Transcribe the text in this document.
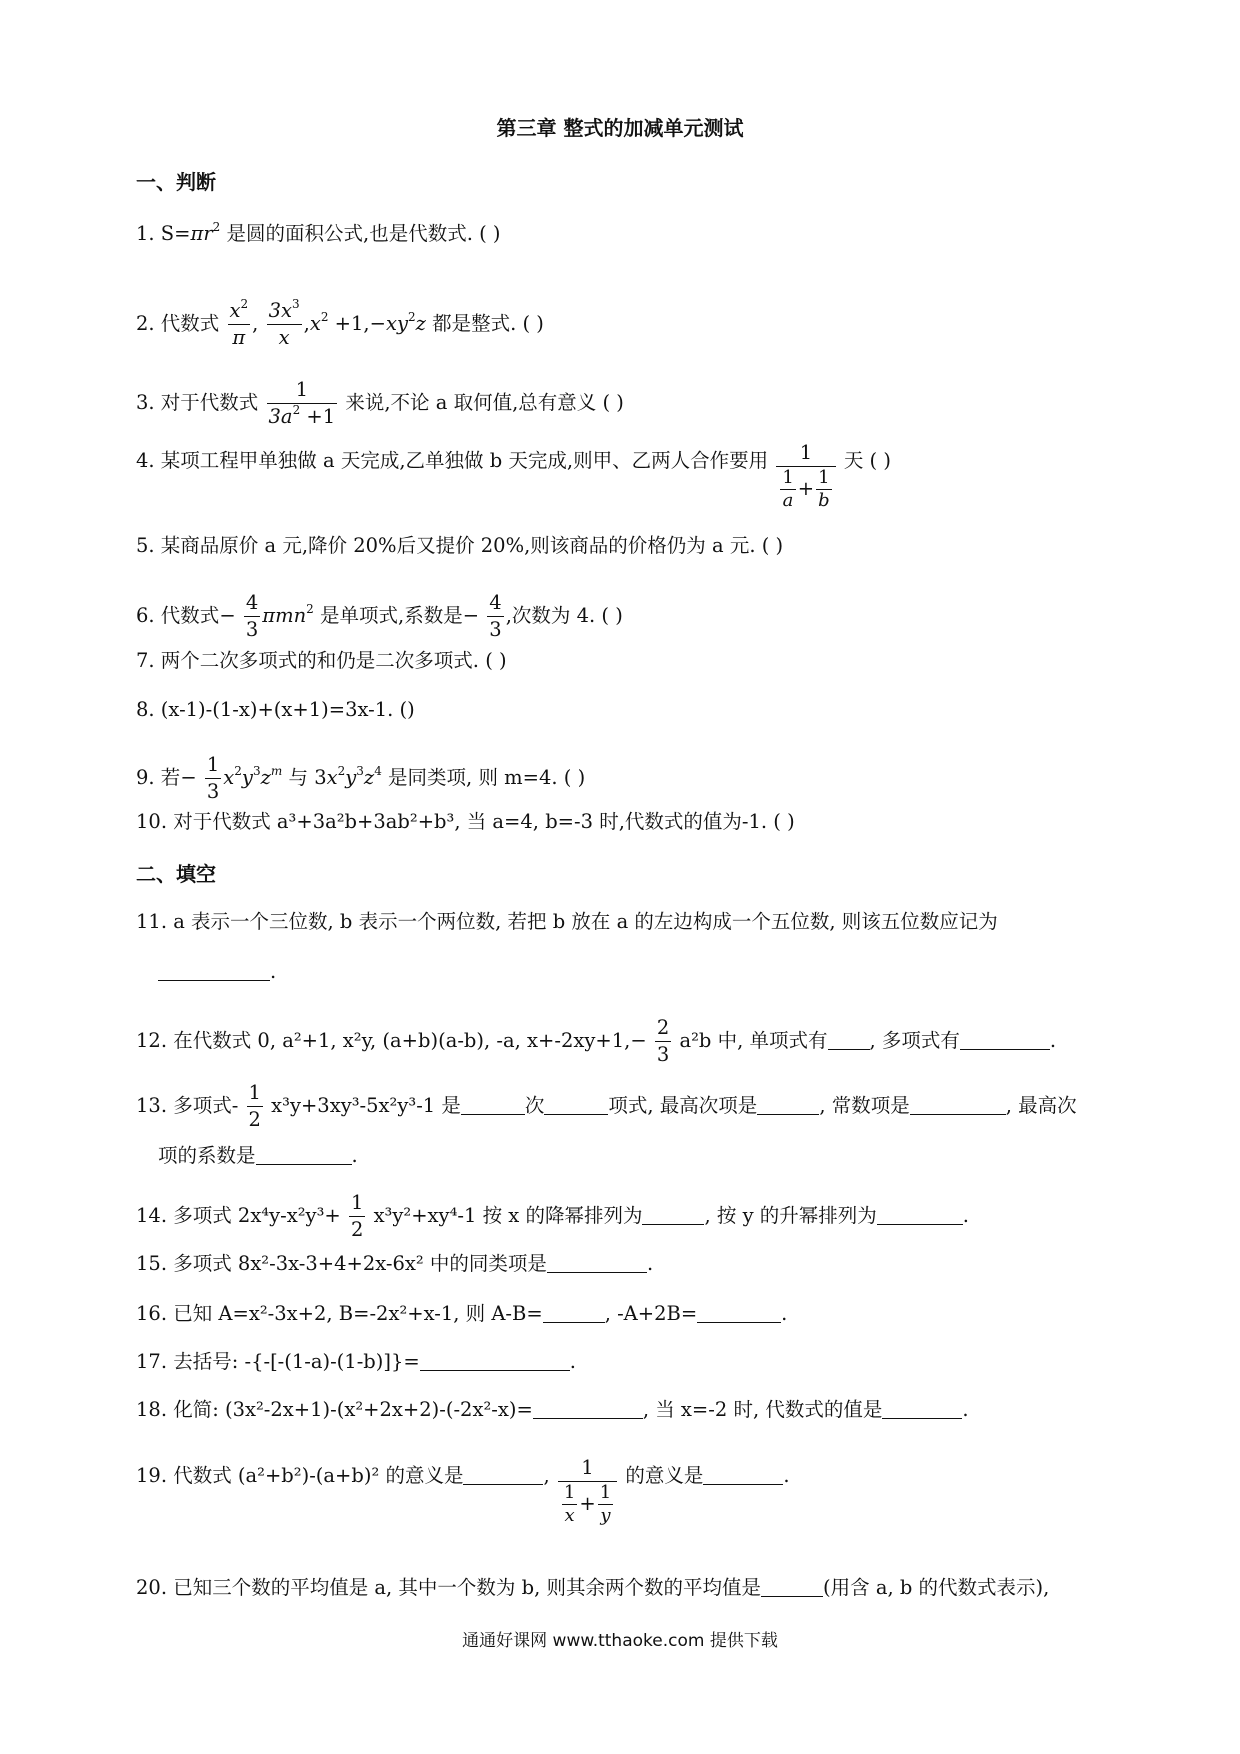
第三章 整式的加减单元测试
一、判断
1. $S=\pi r^2$ 是圆的面积公式,也是代数式. ( )
2. 代数式 $\frac{x^2}{\pi}$ , $\frac{3x^3}{x} ,x^2 +1,-xy^2z$ 都是整式. ( )
3. 对于代数式 $\frac{1}{3a^2 +1}$ 来说,不论 a 取何值,总有意义 ( )
4. 某项工程甲单独做 a 天完成,乙单独做 b 天完成,则甲、乙两人合作要用 $\frac{1}{\frac{1}{a} + \frac{1}{b}}$ 天 ( )
5. 某商品原价 a 元,降价 20%后又提价 20%,则该商品的价格仍为 a 元. ( )
6. 代数式− $\frac{4}{3} \pi mn^2$ 是单项式,系数是− $\frac{4}{3}$ ,次数为 4. ( )
7. 两个二次多项式的和仍是二次多项式. ( )
8. (x-1)-(1-x)+(x+1)=3x-1. ()
9. 若− $\frac{1}{3} x^2y^3z^m$ 与 $3x^2y^3z^4$ 是同类项, 则 m=4. ( )
10. 对于代数式 a³+3a²b+3ab²+b³, 当 a=4, b=-3 时,代数式的值为-1. ( )
二、填空
11. a 表示一个三位数, b 表示一个两位数, 若把 b 放在 a 的左边构成一个五位数, 则该五位数应记为
.
12. 在代数式 0, a²+1, x²y, (a+b)(a-b), -a, $x+-2xy+1,- \frac{2}{3} a^2b$ 中, 单项式有 , 多项式有	.
13. 多项式- $\frac{1}{2} x^3y+3xy^3-5x^2y^3-1$ 是	次	项式, 最高次项是	, 常数项是	, 最高次
项的系数是	.
14. 多项式 $2x^4y-x^2y^3+ \frac{1}{2} x^3y^2+xy^4-1$ 按 x 的降幂排列为	, 按 y 的升幂排列为	.
15. 多项式 8x²-3x-3+4+2x-6x² 中的同类项是	.
16. 已知 A=x²-3x+2, B=-2x²+x-1, 则 A-B=	, -A+2B=	.
17. 去括号: -{-[-(1-a)-(1-b)]}=	.
18. 化简: (3x²-2x+1)-(x²+2x+2)-(-2x²-x)=	, 当 x=-2 时, 代数式的值是	.
19. 代数式 (a²+b²)-(a+b)² 的意义是	, $\frac{1}{\frac{1}{x} + \frac{1}{y}}$ 的意义是	.
20. 已知三个数的平均值是 a, 其中一个数为 b, 则其余两个数的平均值是	(用含 a, b 的代数式表示),
通通好课网 www.tthaoke.com 提供下载
